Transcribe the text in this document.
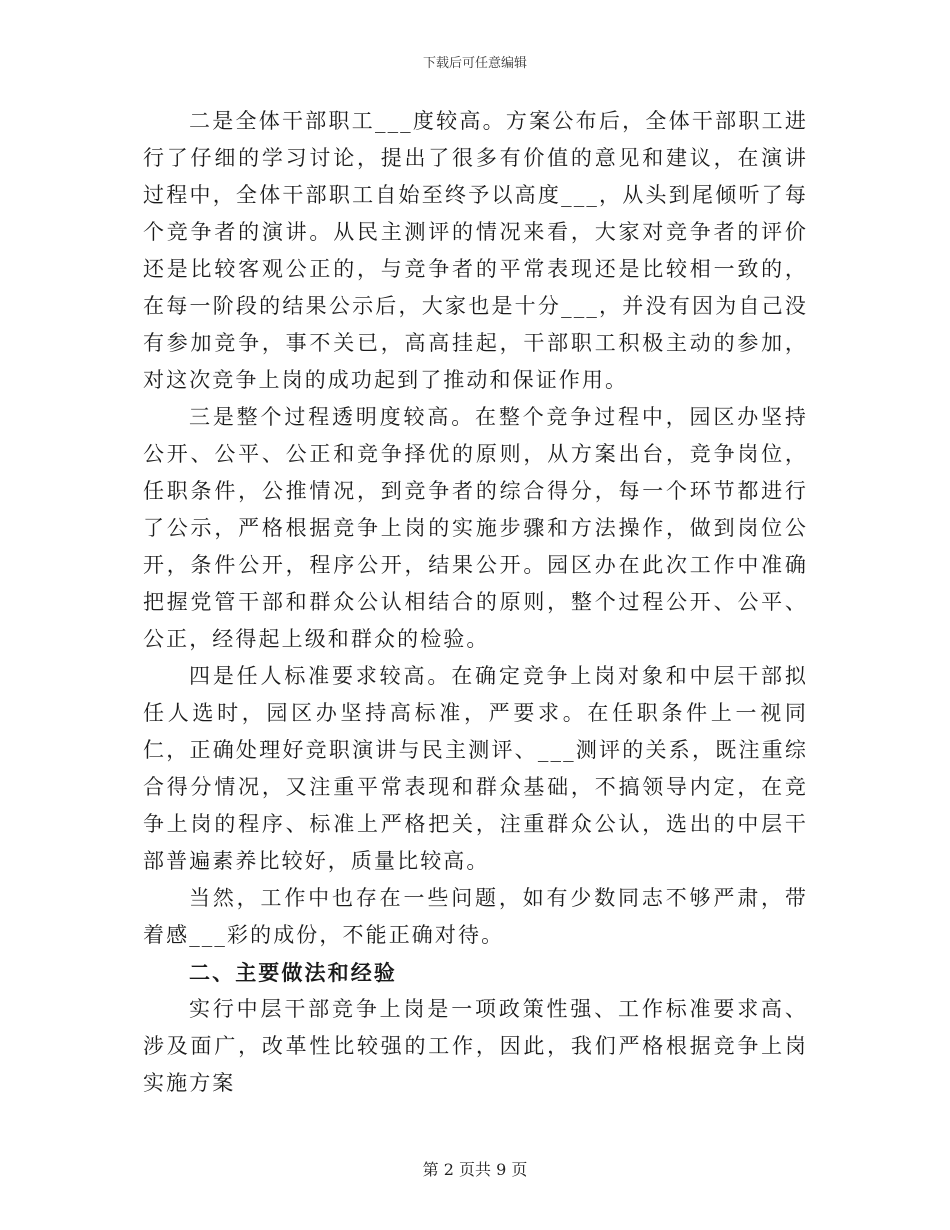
下载后可任意编辑

二是全体干部职工___度较高。方案公布后，全体干部职工进行了仔细的学习讨论，提出了很多有价值的意见和建议，在演讲过程中，全体干部职工自始至终予以高度___，从头到尾倾听了每个竞争者的演讲。从民主测评的情况来看，大家对竞争者的评价还是比较客观公正的，与竞争者的平常表现还是比较相一致的，在每一阶段的结果公示后，大家也是十分___，并没有因为自己没有参加竞争，事不关已，高高挂起，干部职工积极主动的参加，对这次竞争上岗的成功起到了推动和保证作用。

三是整个过程透明度较高。在整个竞争过程中，园区办坚持公开、公平、公正和竞争择优的原则，从方案出台，竞争岗位，任职条件，公推情况，到竞争者的综合得分，每一个环节都进行了公示，严格根据竞争上岗的实施步骤和方法操作，做到岗位公开，条件公开，程序公开，结果公开。园区办在此次工作中准确把握党管干部和群众公认相结合的原则，整个过程公开、公平、公正，经得起上级和群众的检验。

四是任人标准要求较高。在确定竞争上岗对象和中层干部拟任人选时，园区办坚持高标准，严要求。在任职条件上一视同仁，正确处理好竞职演讲与民主测评、___测评的关系，既注重综合得分情况，又注重平常表现和群众基础，不搞领导内定，在竞争上岗的程序、标准上严格把关，注重群众公认，选出的中层干部普遍素养比较好，质量比较高。

当然，工作中也存在一些问题，如有少数同志不够严肃，带着感___彩的成份，不能正确对待。

二、主要做法和经验

实行中层干部竞争上岗是一项政策性强、工作标准要求高、涉及面广，改革性比较强的工作，因此，我们严格根据竞争上岗实施方案

第 2 页共 9 页
